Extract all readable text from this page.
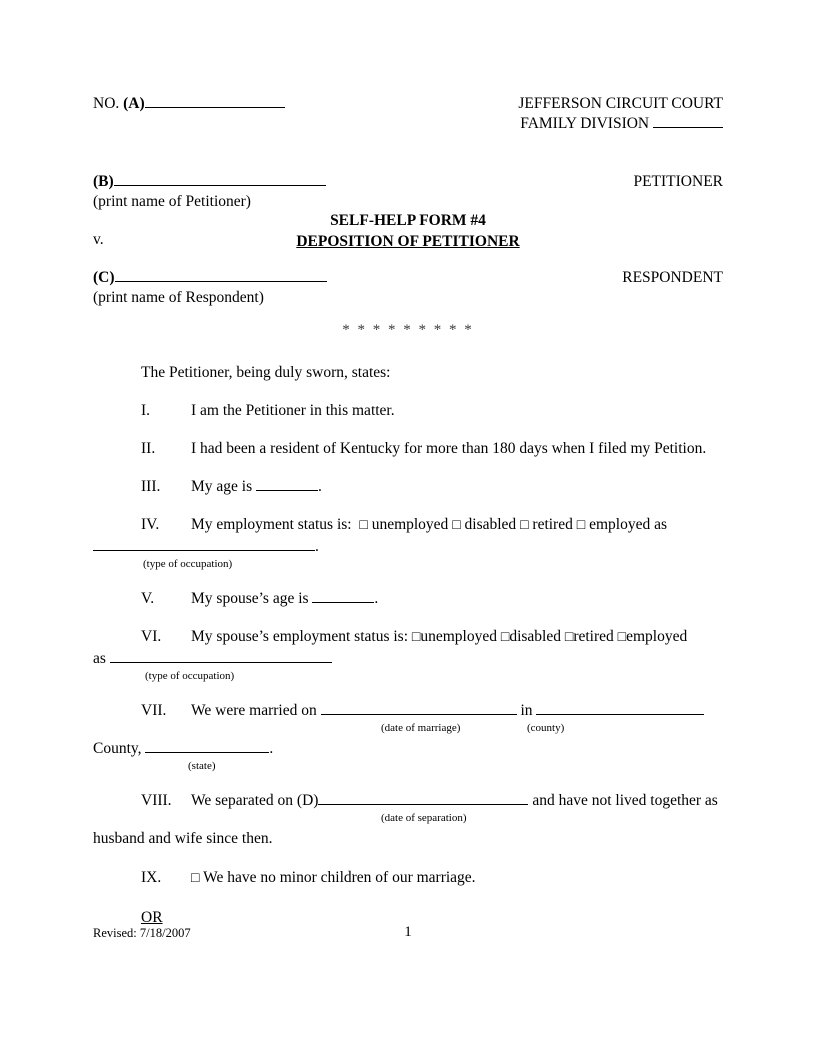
NO. (A)	JEFFERSON CIRCUIT COURT

FAMILY DIVISION
(B)	PETITIONER
(print name of Petitioner)
v.
SELF-HELP FORM #4
DEPOSITION OF PETITIONER
(C)	RESPONDENT
(print name of Respondent)
* * * * * * * * *
The Petitioner, being duly sworn, states:
I.	I am the Petitioner in this matter.
II.	I had been a resident of Kentucky for more than 180 days when I filed my Petition.
III.	My age is	.
IV.	My employment status is: □ unemployed □ disabled □ retired □ employed as
.
(type of occupation)
V.	My spouse’s age is	.
VI.	My spouse’s employment status is: □unemployed □disabled □retired □employed
as
(type of occupation)
VII.	We were married on	in
(date of marriage)	(county)
County,	.
(state)
VIII.	We separated on (D)	and have not lived together as
(date of separation)
husband and wife since then.
IX.	□ We have no minor children of our marriage.
OR
Revised: 7/18/2007	1
